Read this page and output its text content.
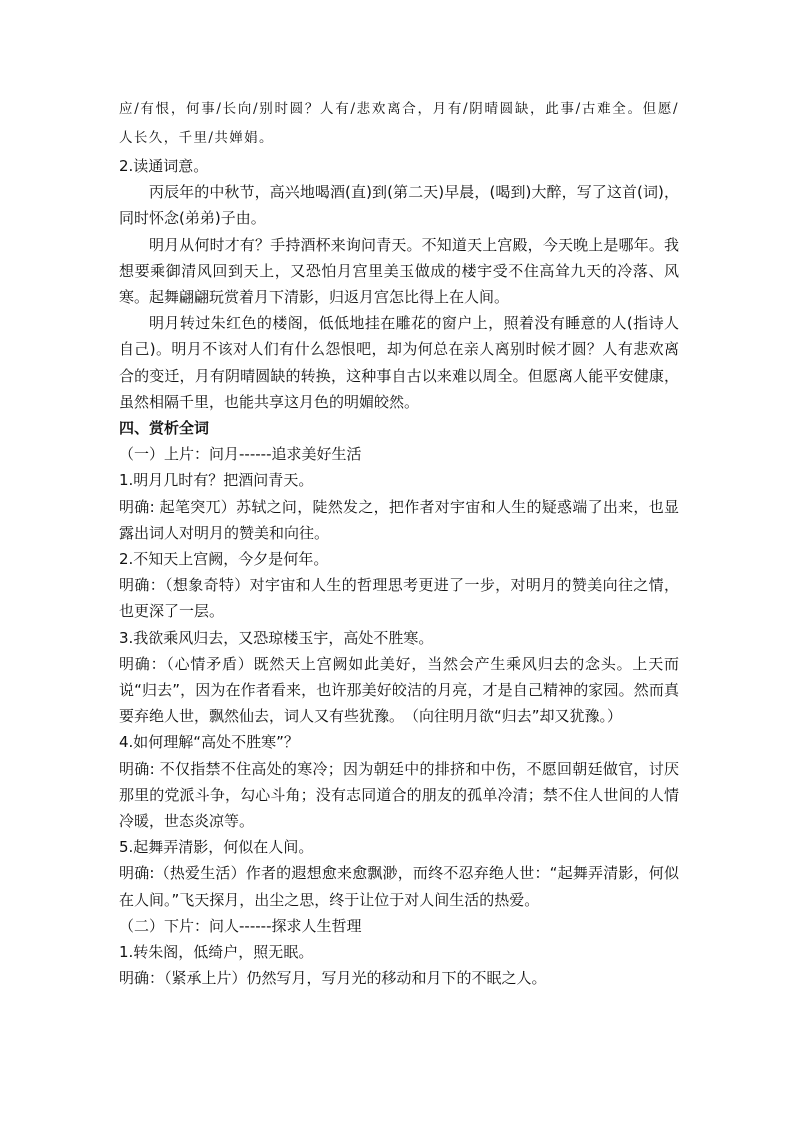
应/有恨，何事/长向/别时圆？人有/悲欢离合，月有/阴晴圆缺，此事/古难全。但愿/人长久，千里/共婵娟。

2.读通词意。

丙辰年的中秋节，高兴地喝酒(直)到(第二天)早晨，(喝到)大醉，写了这首(词)，同时怀念(弟弟)子由。

明月从何时才有？手持酒杯来询问青天。不知道天上宫殿，今天晚上是哪年。我想要乘御清风回到天上，又恐怕月宫里美玉做成的楼宇受不住高耸九天的冷落、风寒。起舞翩翩玩赏着月下清影，归返月宫怎比得上在人间。

明月转过朱红色的楼阁，低低地挂在雕花的窗户上，照着没有睡意的人(指诗人自己)。明月不该对人们有什么怨恨吧，却为何总在亲人离别时候才圆？人有悲欢离合的变迁，月有阴晴圆缺的转换，这种事自古以来难以周全。但愿离人能平安健康，虽然相隔千里，也能共享这月色的明媚皎然。

四、赏析全词

（一）上片：问月------追求美好生活

1.明月几时有？把酒问青天。

明确: 起笔突兀）苏轼之问，陡然发之，把作者对宇宙和人生的疑惑端了出来，也显露出词人对明月的赞美和向往。

2.不知天上宫阙，今夕是何年。

明确：（想象奇特）对宇宙和人生的哲理思考更进了一步，对明月的赞美向往之情，也更深了一层。

3.我欲乘风归去，又恐琼楼玉宇，高处不胜寒。

明确：（心情矛盾）既然天上宫阙如此美好，当然会产生乘风归去的念头。上天而说“归去”，因为在作者看来，也许那美好皎洁的月亮，才是自己精神的家园。然而真要弃绝人世，飘然仙去，词人又有些犹豫。　（向往明月欲“归去”却又犹豫。）

4.如何理解“高处不胜寒”？

明确: 不仅指禁不住高处的寒冷；因为朝廷中的排挤和中伤，不愿回朝廷做官，讨厌那里的党派斗争，勾心斗角；没有志同道合的朋友的孤单冷清；禁不住人世间的人情冷暖，世态炎凉等。

5.起舞弄清影，何似在人间。

明确:（热爱生活）作者的遐想愈来愈飘渺，而终不忍弃绝人世：“起舞弄清影，何似在人间。”飞天探月，出尘之思，终于让位于对人间生活的热爱。

（二）下片：问人------探求人生哲理

1.转朱阁，低绮户，照无眠。

明确：（紧承上片）仍然写月，写月光的移动和月下的不眠之人。
